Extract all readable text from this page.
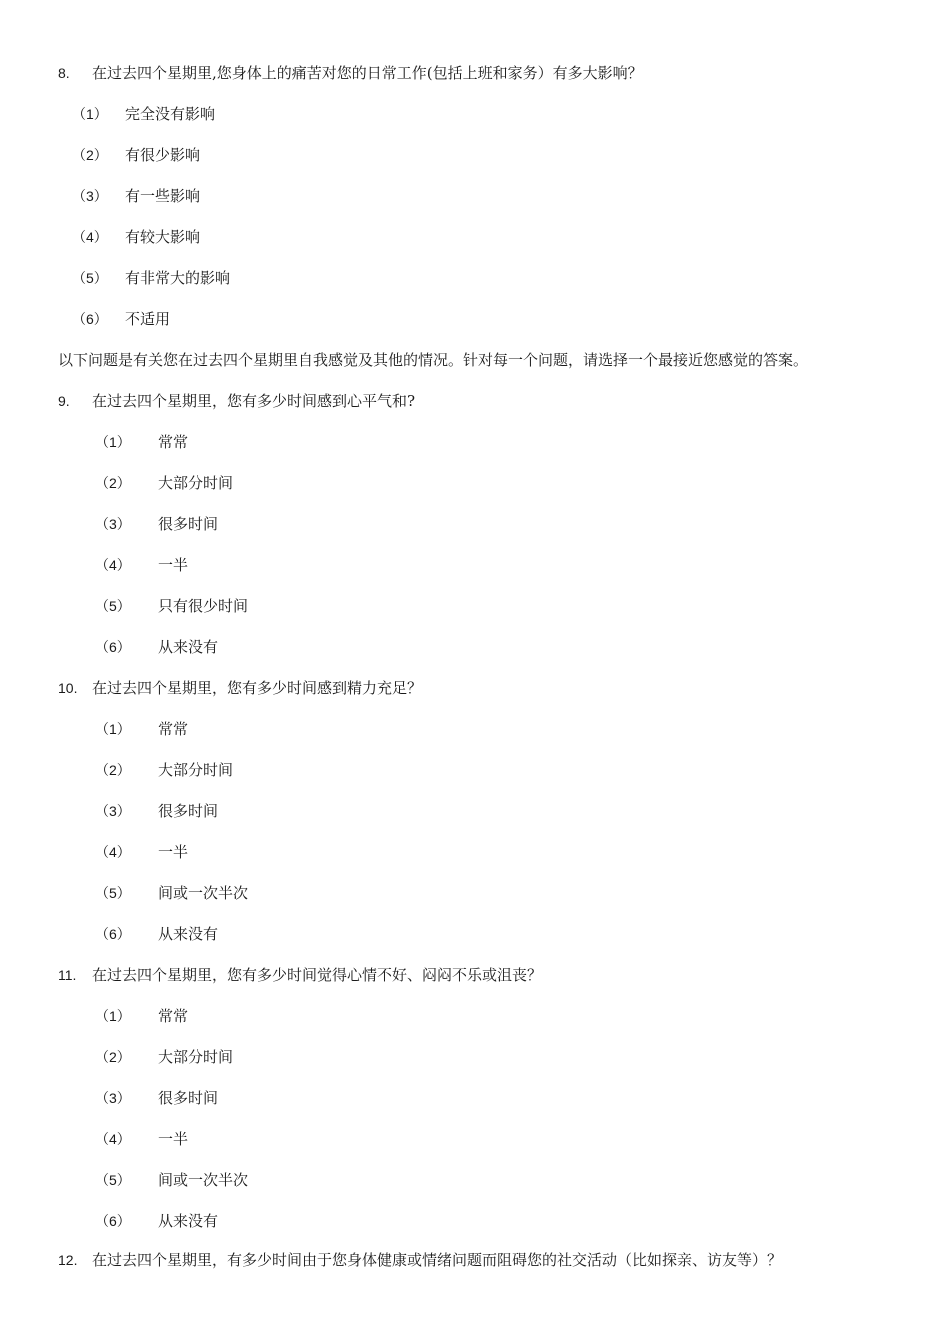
8. 在过去四个星期里,您身体上的痛苦对您的日常工作(包括上班和家务）有多大影响？
（1） 完全没有影响
（2） 有很少影响
（3） 有一些影响
（4） 有较大影响
（5） 有非常大的影响
（6） 不适用
以下问题是有关您在过去四个星期里自我感觉及其他的情况。针对每一个问题，请选择一个最接近您感觉的答案。
9. 在过去四个星期里，您有多少时间感到心平气和?
（1） 常常
（2） 大部分时间
（3） 很多时间
（4） 一半
（5） 只有很少时间
（6） 从来没有
10. 在过去四个星期里，您有多少时间感到精力充足？
（1） 常常
（2） 大部分时间
（3） 很多时间
（4） 一半
（5） 间或一次半次
（6） 从来没有
11. 在过去四个星期里，您有多少时间觉得心情不好、闷闷不乐或沮丧？
（1） 常常
（2） 大部分时间
（3） 很多时间
（4） 一半
（5） 间或一次半次
（6） 从来没有
12. 在过去四个星期里，有多少时间由于您身体健康或情绪问题而阻碍您的社交活动（比如探亲、访友等）？
